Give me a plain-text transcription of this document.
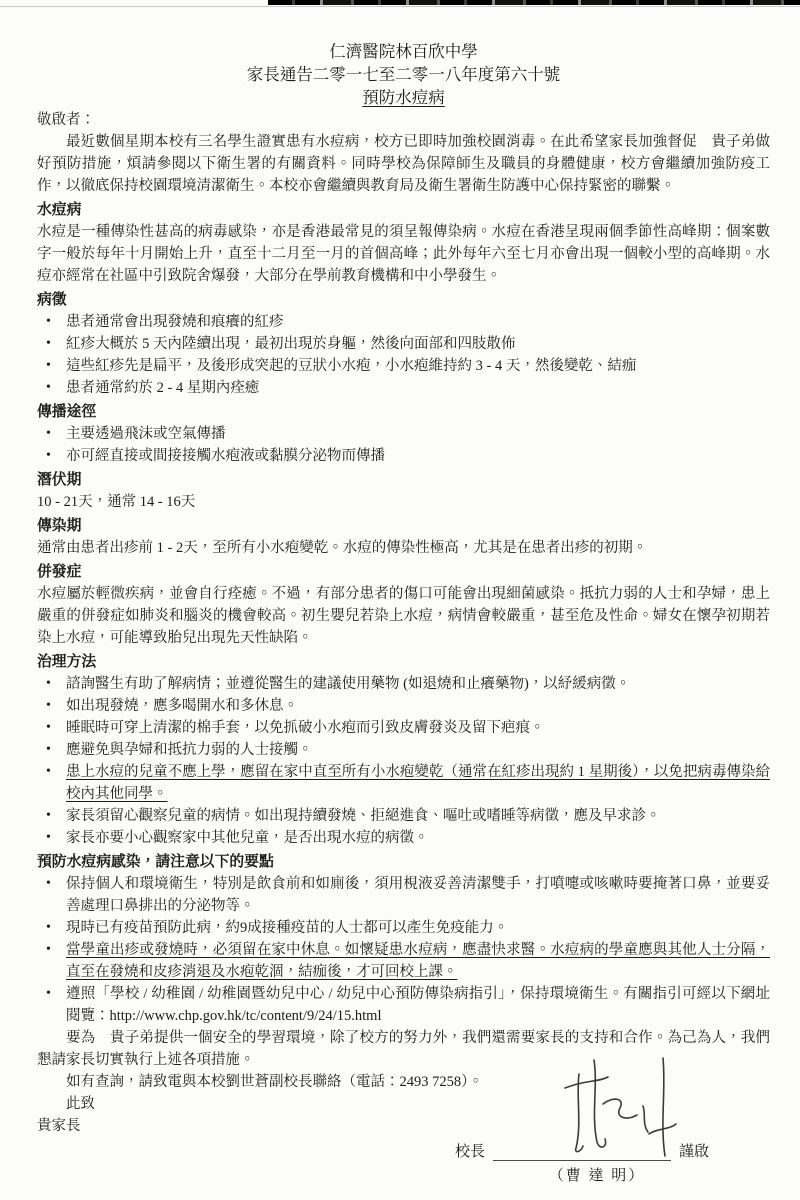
仁濟醫院林百欣中學
家長通告二零一七至二零一八年度第六十號
預防水痘病

敬啟者：

最近數個星期本校有三名學生證實患有水痘病，校方已即時加強校園消毒。在此希望家長加強督促　貴子弟做好預防措施，煩請參閱以下衛生署的有關資料。同時學校為保障師生及職員的身體健康，校方會繼續加強防疫工作，以徹底保持校園環境清潔衛生。本校亦會繼續與教育局及衛生署衛生防護中心保持緊密的聯繫。

水痘病

水痘是一種傳染性甚高的病毒感染，亦是香港最常見的須呈報傳染病。水痘在香港呈現兩個季節性高峰期：個案數字一般於每年十月開始上升，直至十二月至一月的首個高峰；此外每年六至七月亦會出現一個較小型的高峰期。水痘亦經常在社區中引致院舍爆發，大部分在學前教育機構和中小學發生。

病徵
• 患者通常會出現發燒和痕癢的紅疹
• 紅疹大概於 5 天內陸續出現，最初出現於身軀，然後向面部和四肢散佈
• 這些紅疹先是扁平，及後形成突起的豆狀小水疱，小水疱維持約 3 - 4 天，然後變乾、結痂
• 患者通常約於 2 - 4 星期內痊癒
傳播途徑
• 主要透過飛沫或空氣傳播
• 亦可經直接或間接接觸水疱液或黏膜分泌物而傳播
潛伏期

10 - 21天，通常 14 - 16天

傳染期

通常由患者出疹前 1 - 2天，至所有小水疱變乾。水痘的傳染性極高，尤其是在患者出疹的初期。

併發症

水痘屬於輕微疾病，並會自行痊癒。不過，有部分患者的傷口可能會出現細菌感染。抵抗力弱的人士和孕婦，患上嚴重的併發症如肺炎和腦炎的機會較高。初生嬰兒若染上水痘，病情會較嚴重，甚至危及性命。婦女在懷孕初期若染上水痘，可能導致胎兒出現先天性缺陷。

治理方法
• 諮詢醫生有助了解病情；並遵從醫生的建議使用藥物 (如退燒和止癢藥物)，以紓緩病徵。
• 如出現發燒，應多喝開水和多休息。
• 睡眠時可穿上清潔的棉手套，以免抓破小水疱而引致皮膚發炎及留下疤痕。
• 應避免與孕婦和抵抗力弱的人士接觸。
• 患上水痘的兒童不應上學，應留在家中直至所有小水疱變乾（通常在紅疹出現約 1 星期後），以免把病毒傳染給校內其他同學。
• 家長須留心觀察兒童的病情。如出現持續發燒、拒絕進食、嘔吐或嗜睡等病徵，應及早求診。
• 家長亦要小心觀察家中其他兒童，是否出現水痘的病徵。
預防水痘病感染，請注意以下的要點
• 保持個人和環境衛生，特別是飲食前和如廁後，須用梘液妥善清潔雙手，打噴嚏或咳嗽時要掩著口鼻，並要妥善處理口鼻排出的分泌物等。
• 現時已有疫苗預防此病，約9成接種疫苗的人士都可以產生免疫能力。
• 當學童出疹或發燒時，必須留在家中休息。如懷疑患水痘病，應盡快求醫。水痘病的學童應與其他人士分隔，直至在發燒和皮疹消退及水疱乾涸，結痂後，才可回校上課。
• 遵照「學校 / 幼稚園 / 幼稚園暨幼兒中心 / 幼兒中心預防傳染病指引」，保持環境衛生。有關指引可經以下網址閱覽：http://www.chp.gov.hk/tc/content/9/24/15.html

要為　貴子弟提供一個安全的學習環境，除了校方的努力外，我們還需要家長的支持和合作。為己為人，我們懇請家長切實執行上述各項措施。

如有查詢，請致電與本校劉世蒼副校長聯絡（電話：2493 7258）。

此致

貴家長

校長	謹啟
（曹 達 明）
